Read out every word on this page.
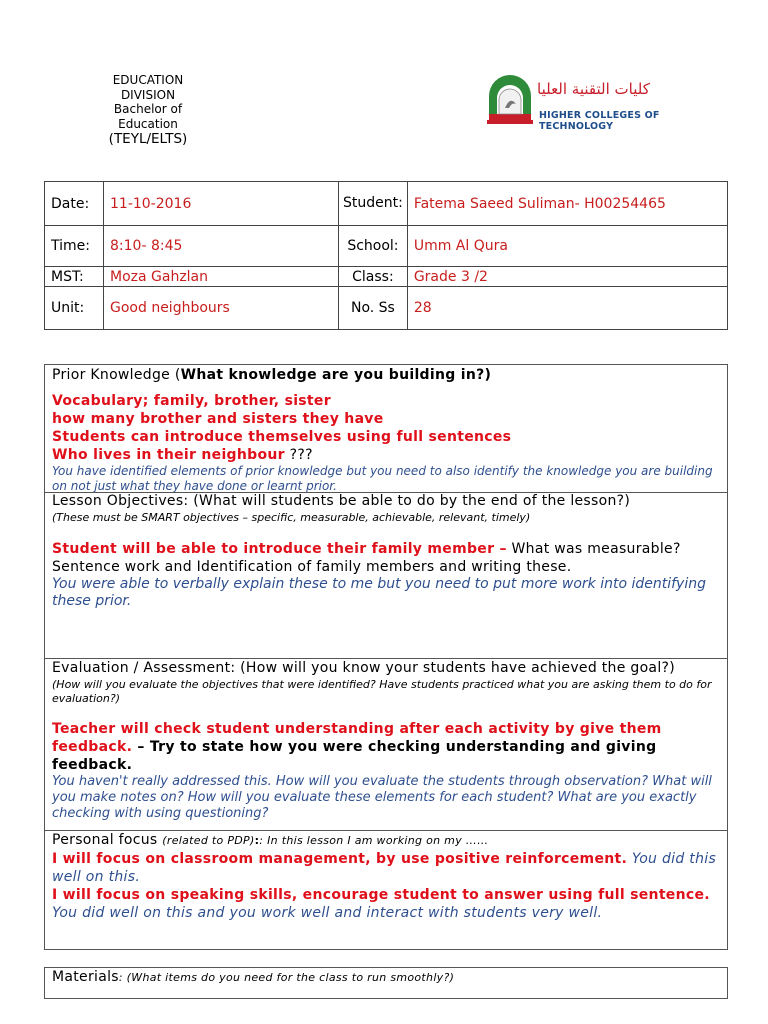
EDUCATION
DIVISION
Bachelor of
Education
(TEYL/ELTS)
كليات التقنية العليا
HIGHER COLLEGES OF TECHNOLOGY
Date:	11-10-2016	Student:	Fatema Saeed Suliman- H00254465
Time:	8:10- 8:45	School:	Umm Al Qura
MST:	Moza Gahzlan	Class:	Grade 3 /2
Unit:	Good neighbours	No. Ss	28
Prior Knowledge (What knowledge are you building in?)
Vocabulary; family, brother, sister
how many brother and sisters they have
Students can introduce themselves using full sentences
Who lives in their neighbour ???
You have identified elements of prior knowledge but you need to also identify the knowledge you are building on not just what they have done or learnt prior.
Lesson Objectives: (What will students be able to do by the end of the lesson?)
(These must be SMART objectives – specific, measurable, achievable, relevant, timely)
Student will be able to introduce their family member – What was measurable? Sentence work and Identification of family members and writing these.
You were able to verbally explain these to me but you need to put more work into identifying these prior.
Evaluation / Assessment: (How will you know your students have achieved the goal?)
(How will you evaluate the objectives that were identified? Have students practiced what you are asking them to do for evaluation?)
Teacher will check student understanding after each activity by give them feedback. – Try to state how you were checking understanding and giving feedback.
You haven't really addressed this. How will you evaluate the students through observation? What will you make notes on? How will you evaluate these elements for each student? What are you exactly checking with using questioning?
Personal focus (related to PDP):: In this lesson I am working on my ……
I will focus on classroom management, by use positive reinforcement. You did this well on this.
I will focus on speaking skills, encourage student to answer using full sentence. You did well on this and you work well and interact with students very well.
Materials: (What items do you need for the class to run smoothly?)
